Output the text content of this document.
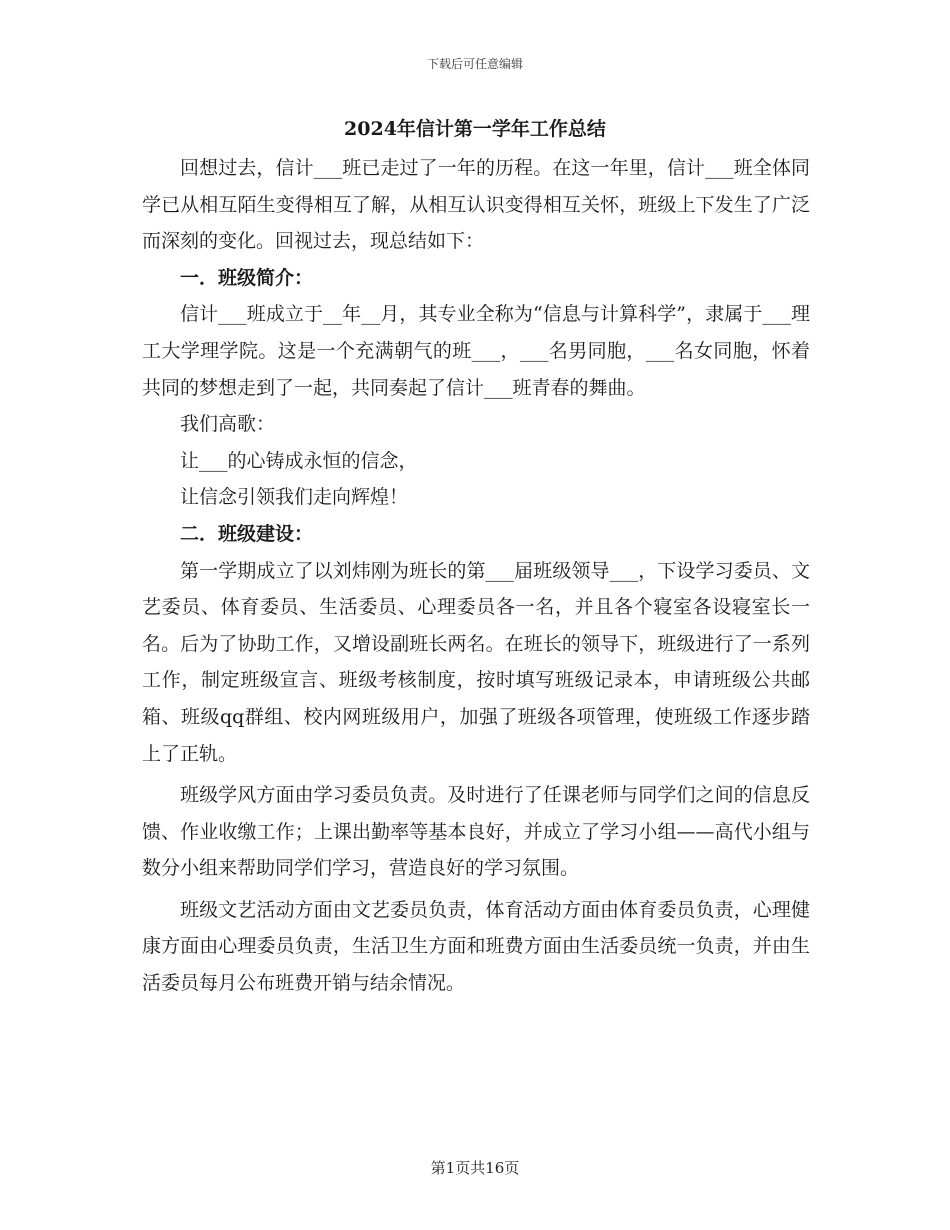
下载后可任意编辑
2024年信计第一学年工作总结

回想过去，信计___班已走过了一年的历程。在这一年里，信计___班全体同学已从相互陌生变得相互了解，从相互认识变得相互关怀，班级上下发生了广泛而深刻的变化。回视过去，现总结如下：

一．班级简介：

信计___班成立于__年__月，其专业全称为“信息与计算科学”，隶属于___理工大学理学院。这是一个充满朝气的班___，___名男同胞，___名女同胞，怀着共同的梦想走到了一起，共同奏起了信计___班青春的舞曲。

我们高歌：

让___的心铸成永恒的信念，

让信念引领我们走向辉煌！

二．班级建设：

第一学期成立了以刘炜刚为班长的第___届班级领导___，下设学习委员、文艺委员、体育委员、生活委员、心理委员各一名，并且各个寝室各设寝室长一名。后为了协助工作，又增设副班长两名。在班长的领导下，班级进行了一系列工作，制定班级宣言、班级考核制度，按时填写班级记录本，申请班级公共邮箱、班级qq群组、校内网班级用户，加强了班级各项管理，使班级工作逐步踏上了正轨。

班级学风方面由学习委员负责。及时进行了任课老师与同学们之间的信息反馈、作业收缴工作；上课出勤率等基本良好，并成立了学习小组——高代小组与数分小组来帮助同学们学习，营造良好的学习氛围。

班级文艺活动方面由文艺委员负责，体育活动方面由体育委员负责，心理健康方面由心理委员负责，生活卫生方面和班费方面由生活委员统一负责，并由生活委员每月公布班费开销与结余情况。

第1页共16页
